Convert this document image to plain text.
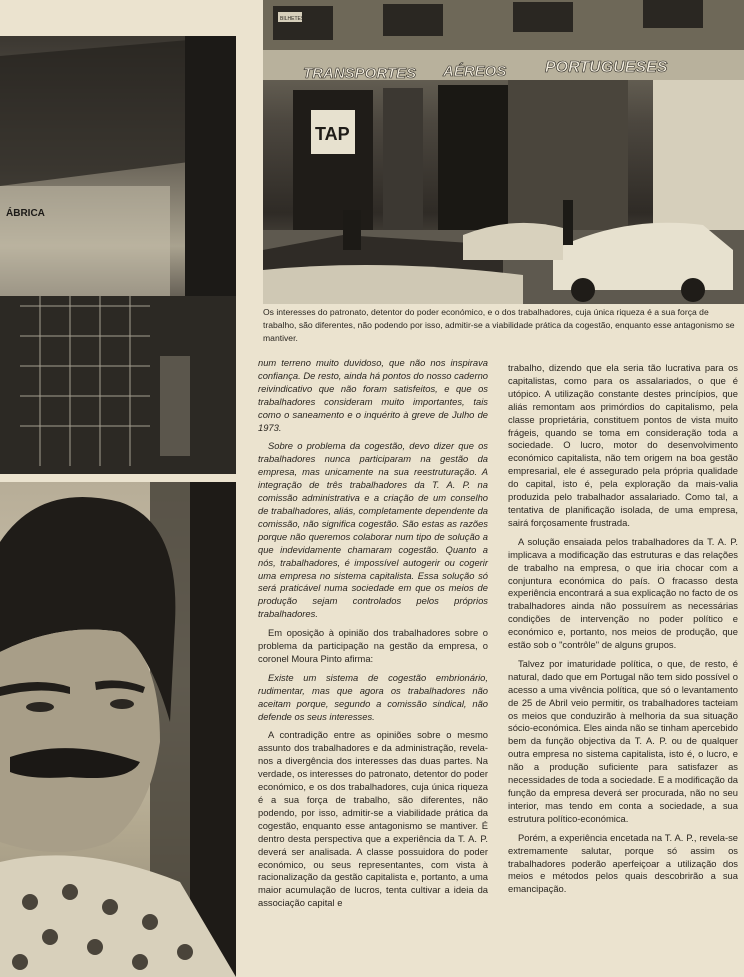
ÁBRICA
BILHETES
TRANSPORTES AÉREOS PORTUGUESES
TAP

Os interesses do patronato, detentor do poder económico, e o dos trabalhadores, cuja única riqueza é a sua força de trabalho, são diferentes, não podendo por isso, admitir-se a viabilidade prática da cogestão, enquanto esse antagonismo se mantiver.

num terreno muito duvidoso, que não nos inspirava confiança. De resto, ainda há pontos do nosso caderno reivindicativo que não foram satisfeitos, e que os trabalhadores consideram muito importantes, tais como o saneamento e o inquérito à greve de Julho de 1973.

Sobre o problema da cogestão, devo dizer que os trabalhadores nunca participaram na gestão da empresa, mas unicamente na sua reestruturação. A integração de três trabalhadores da T. A. P. na comissão administrativa e a criação de um conselho de trabalhadores, aliás, completamente dependente da comissão, não significa cogestão. São estas as razões porque não queremos colaborar num tipo de solução a que indevidamente chamaram cogestão. Quanto a nós, trabalhadores, é impossível autogerir ou cogerir uma empresa no sistema capitalista. Essa solução só será praticável numa sociedade em que os meios de produção sejam controlados pelos próprios trabalhadores.

Em oposição à opinião dos trabalhadores sobre o problema da participação na gestão da empresa, o coronel Moura Pinto afirma:

Existe um sistema de cogestão embrionário, rudimentar, mas que agora os trabalhadores não aceitam porque, segundo a comissão sindical, não defende os seus interesses.

A contradição entre as opiniões sobre o mesmo assunto dos trabalhadores e da administração, revela-nos a divergência dos interesses das duas partes. Na verdade, os interesses do patronato, detentor do poder económico, e os dos trabalhadores, cuja única riqueza é a sua força de trabalho, são diferentes, não podendo, por isso, admitir-se a viabilidade prática da cogestão, enquanto esse antagonismo se mantiver. É dentro desta perspectiva que a experiência da T. A. P. deverá ser analisada. A classe possuidora do poder económico, ou seus representantes, com vista à racionalização da gestão capitalista e, portanto, a uma maior acumulação de lucros, tenta cultivar a ideia da associação capital e

trabalho, dizendo que ela seria tão lucrativa para os capitalistas, como para os assalariados, o que é utópico. A utilização constante destes princípios, que aliás remontam aos primórdios do capitalismo, pela classe proprietária, constituem pontos de vista muito frágeis, quando se toma em consideração toda a sociedade. O lucro, motor do desenvolvimento económico capitalista, não tem origem na boa gestão empresarial, ele é assegurado pela própria qualidade do capital, isto é, pela exploração da mais-valia produzida pelo trabalhador assalariado. Como tal, a tentativa de planificação isolada, de uma empresa, sairá forçosamente frustrada.

A solução ensaiada pelos trabalhadores da T. A. P. implicava a modificação das estruturas e das relações de trabalho na empresa, o que iria chocar com a conjuntura económica do país. O fracasso desta experiência encontrará a sua explicação no facto de os trabalhadores ainda não possuírem as necessárias condições de intervenção no poder político e económico e, portanto, nos meios de produção, que estão sob o "contrôle" de alguns grupos.

Talvez por imaturidade política, o que, de resto, é natural, dado que em Portugal não tem sido possível o acesso a uma vivência política, que só o levantamento de 25 de Abril veio permitir, os trabalhadores tacteiam os meios que conduzirão à melhoria da sua situação sócio-económica. Eles ainda não se tinham apercebido bem da função objectiva da T. A. P. ou de qualquer outra empresa no sistema capitalista, isto é, o lucro, e não a produção suficiente para satisfazer as necessidades de toda a sociedade. E a modificação da função da empresa deverá ser procurada, não no seu interior, mas tendo em conta a sociedade, a sua estrutura político-económica.

Porém, a experiência encetada na T. A. P., revela-se extremamente salutar, porque só assim os trabalhadores poderão aperfeiçoar a utilização dos meios e métodos pelos quais descobrirão a sua emancipação.
